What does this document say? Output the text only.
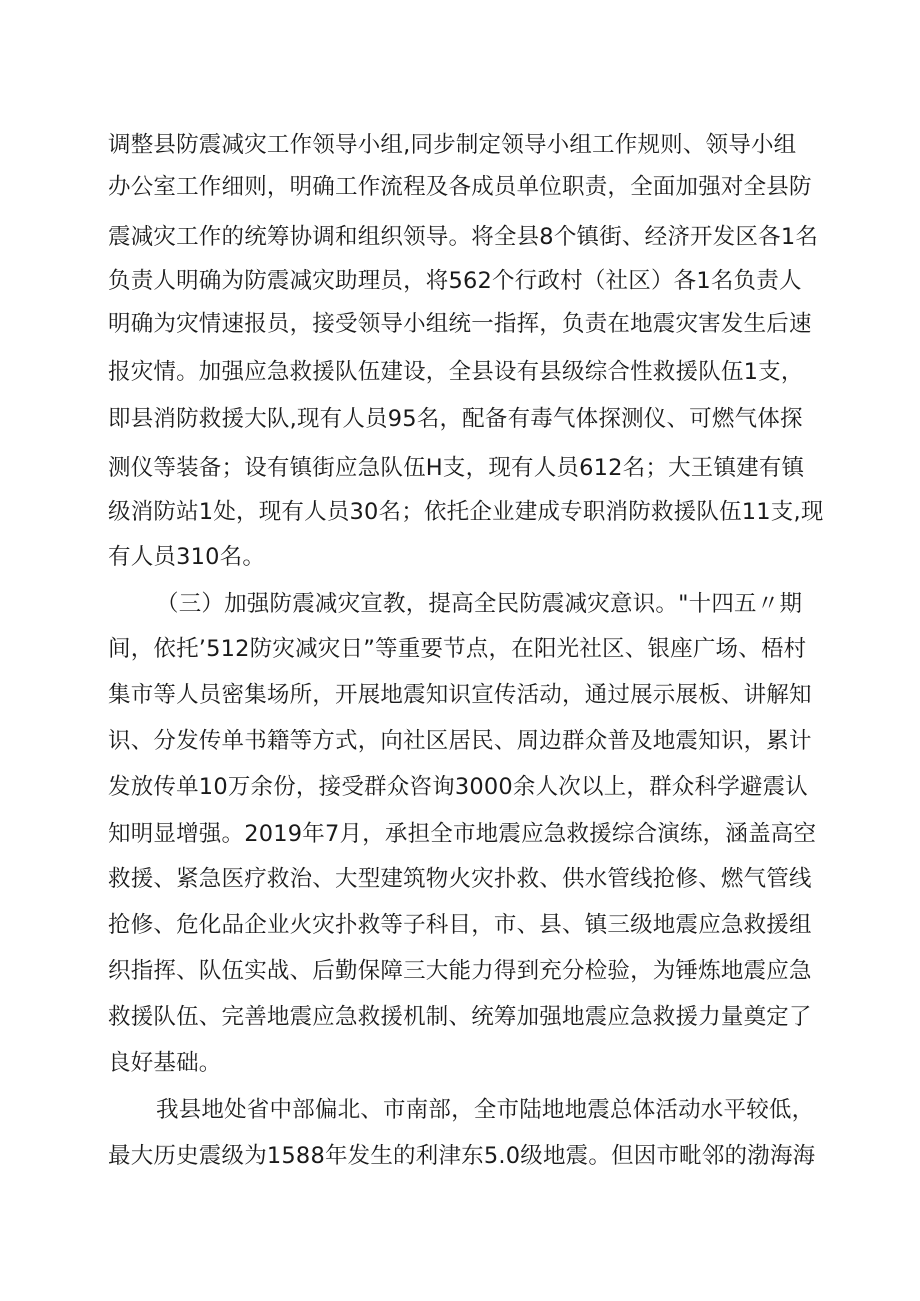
调整县防震减灾工作领导小组,同步制定领导小组工作规则、领导小组
办公室工作细则，明确工作流程及各成员单位职责，全面加强对全县防
震减灾工作的统筹协调和组织领导。将全县8个镇街、经济开发区各1名
负责人明确为防震减灾助理员，将562个行政村（社区）各1名负责人
明确为灾情速报员，接受领导小组统一指挥，负责在地震灾害发生后速
报灾情。加强应急救援队伍建设，全县设有县级综合性救援队伍1支，
即县消防救援大队,现有人员95名，配备有毒气体探测仪、可燃气体探
测仪等装备；设有镇街应急队伍H支，现有人员612名；大王镇建有镇
级消防站1处，现有人员30名；依托企业建成专职消防救援队伍11支,现
有人员310名。
（三）加强防震减灾宣教，提高全民防震减灾意识。"十四五〃期
间，依托’512防灾减灾日”等重要节点，在阳光社区、银座广场、梧村
集市等人员密集场所，开展地震知识宣传活动，通过展示展板、讲解知
识、分发传单书籍等方式，向社区居民、周边群众普及地震知识，累计
发放传单10万余份，接受群众咨询3000余人次以上，群众科学避震认
知明显增强。2019年7月，承担全市地震应急救援综合演练，涵盖高空
救援、紧急医疗救治、大型建筑物火灾扑救、供水管线抢修、燃气管线
抢修、危化品企业火灾扑救等子科目，市、县、镇三级地震应急救援组
织指挥、队伍实战、后勤保障三大能力得到充分检验，为锤炼地震应急
救援队伍、完善地震应急救援机制、统筹加强地震应急救援力量奠定了
良好基础。
我县地处省中部偏北、市南部，全市陆地地震总体活动水平较低，
最大历史震级为1588年发生的利津东5.0级地震。但因市毗邻的渤海海
